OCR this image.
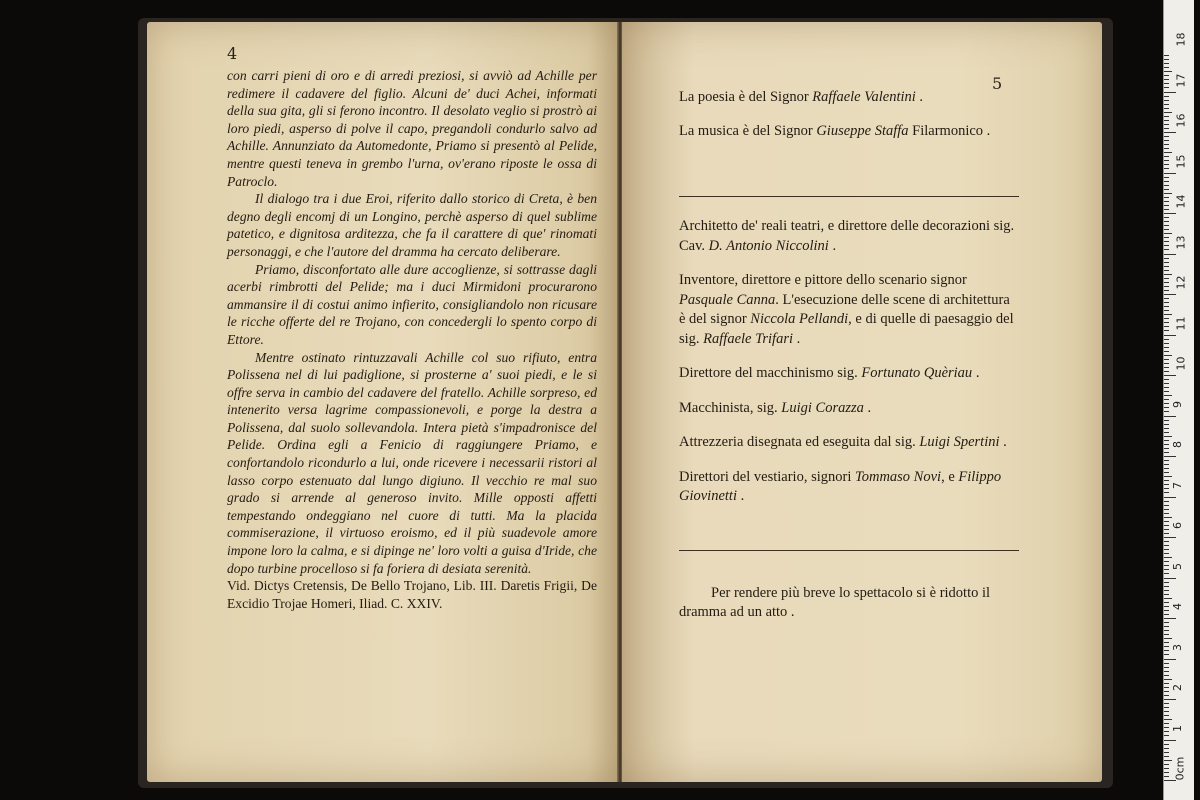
4

con carri pieni di oro e di arredi preziosi, si avviò ad Achille per redimere il cadavere del figlio. Alcuni de' duci Achei, informati della sua gita, gli si ferono incontro. Il desolato veglio si prostrò ai loro piedi, asperso di polve il capo, pregandoli condurlo salvo ad Achille. Annunziato da Automedonte, Priamo si presentò al Pelide, mentre questi teneva in grembo l'urna, ov'erano riposte le ossa di Patroclo.

Il dialogo tra i due Eroi, riferito dallo storico di Creta, è ben degno degli encomj di un Longino, perchè asperso di quel sublime patetico, e dignitosa arditezza, che fa il carattere di que' rinomati personaggi, e che l'autore del dramma ha cercato deliberare.

Priamo, disconfortato alle dure accoglienze, si sottrasse dagli acerbi rimbrotti del Pelide; ma i duci Mirmidoni procurarono ammansire il di costui animo infierito, consigliandolo non ricusare le ricche offerte del re Trojano, con concedergli lo spento corpo di Ettore.

Mentre ostinato rintuzzavali Achille col suo rifiuto, entra Polissena nel di lui padiglione, si prosterne a' suoi piedi, e le si offre serva in cambio del cadavere del fratello. Achille sorpreso, ed intenerito versa lagrime compassionevoli, e porge la destra a Polissena, dal suolo sollevandola. Intera pietà s'impadronisce del Pelide. Ordina egli a Fenicio di raggiungere Priamo, e confortandolo ricondurlo a lui, onde ricevere i necessarii ristori al lasso corpo estenuato dal lungo digiuno. Il vecchio re mal suo grado si arrende al generoso invito. Mille opposti affetti tempestando ondeggiano nel cuore di tutti. Ma la placida commiserazione, il virtuoso eroismo, ed il più suadevole amore impone loro la calma, e si dipinge ne' loro volti a guisa d'Iride, che dopo turbine procelloso si fa foriera di desiata serenità.

Vid. Dictys Cretensis, De Bello Trojano, Lib. III. Daretis Frigii, De Excidio Trojae Homeri, Iliad. C. XXIV.

5

La poesia è del Signor Raffaele Valentini .

La musica è del Signor Giuseppe Staffa Filarmonico .

Architetto de' reali teatri, e direttore delle decorazioni sig. Cav. D. Antonio Niccolini .

Inventore, direttore e pittore dello scenario signor Pasquale Canna. L'esecuzione delle scene di architettura è del signor Niccola Pellandi, e di quelle di paesaggio del sig. Raffaele Trifari .

Direttore del macchinismo sig. Fortunato Quèriau .

Macchinista, sig. Luigi Corazza .

Attrezzeria disegnata ed eseguita dal sig. Luigi Spertini .

Direttori del vestiario, signori Tommaso Novi, e Filippo Giovinetti .

Per rendere più breve lo spettacolo si è ridotto il dramma ad un atto .

0cm
1
2
3
4
5
6
7
8
9
10
11
12
13
14
15
16
17
18
